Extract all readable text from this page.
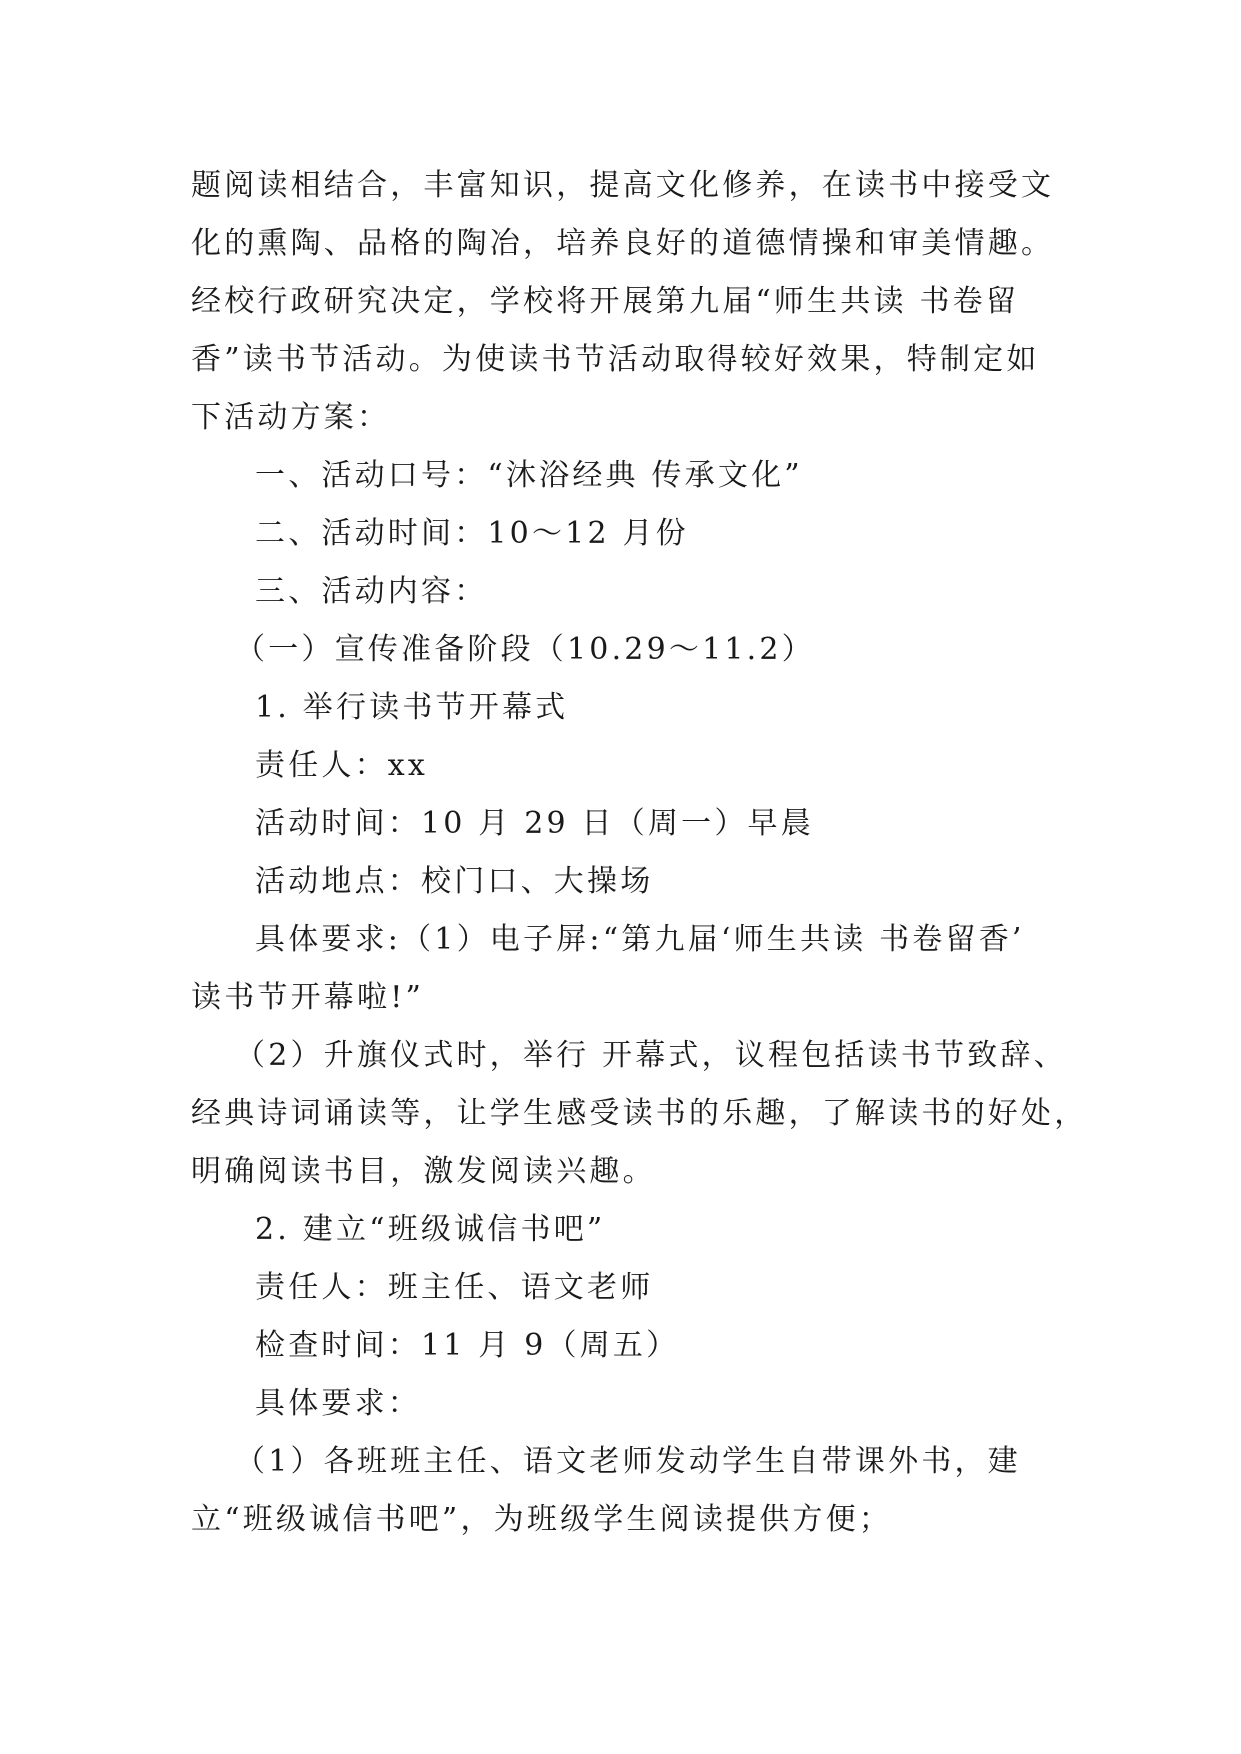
题阅读相结合，丰富知识，提高文化修养，在读书中接受文
化的熏陶、品格的陶冶，培养良好的道德情操和审美情趣。
经校行政研究决定，学校将开展第九届“师生共读 书卷留
香”读书节活动。为使读书节活动取得较好效果，特制定如
下活动方案：
一、活动口号：“沐浴经典 传承文化”
二、活动时间：10～12 月份
三、活动内容：
（一）宣传准备阶段（10.29～11.2）
1. 举行读书节开幕式
责任人：xx
活动时间：10 月 29 日（周一）早晨
活动地点：校门口、大操场
具体要求:（1）电子屏:“第九届‘师生共读 书卷留香’
读书节开幕啦!”
（2）升旗仪式时，举行 开幕式，议程包括读书节致辞、
经典诗词诵读等，让学生感受读书的乐趣，了解读书的好处，
明确阅读书目，激发阅读兴趣。
2. 建立“班级诚信书吧”
责任人：班主任、语文老师
检查时间：11 月 9（周五）
具体要求：
（1）各班班主任、语文老师发动学生自带课外书，建
立“班级诚信书吧”，为班级学生阅读提供方便；
